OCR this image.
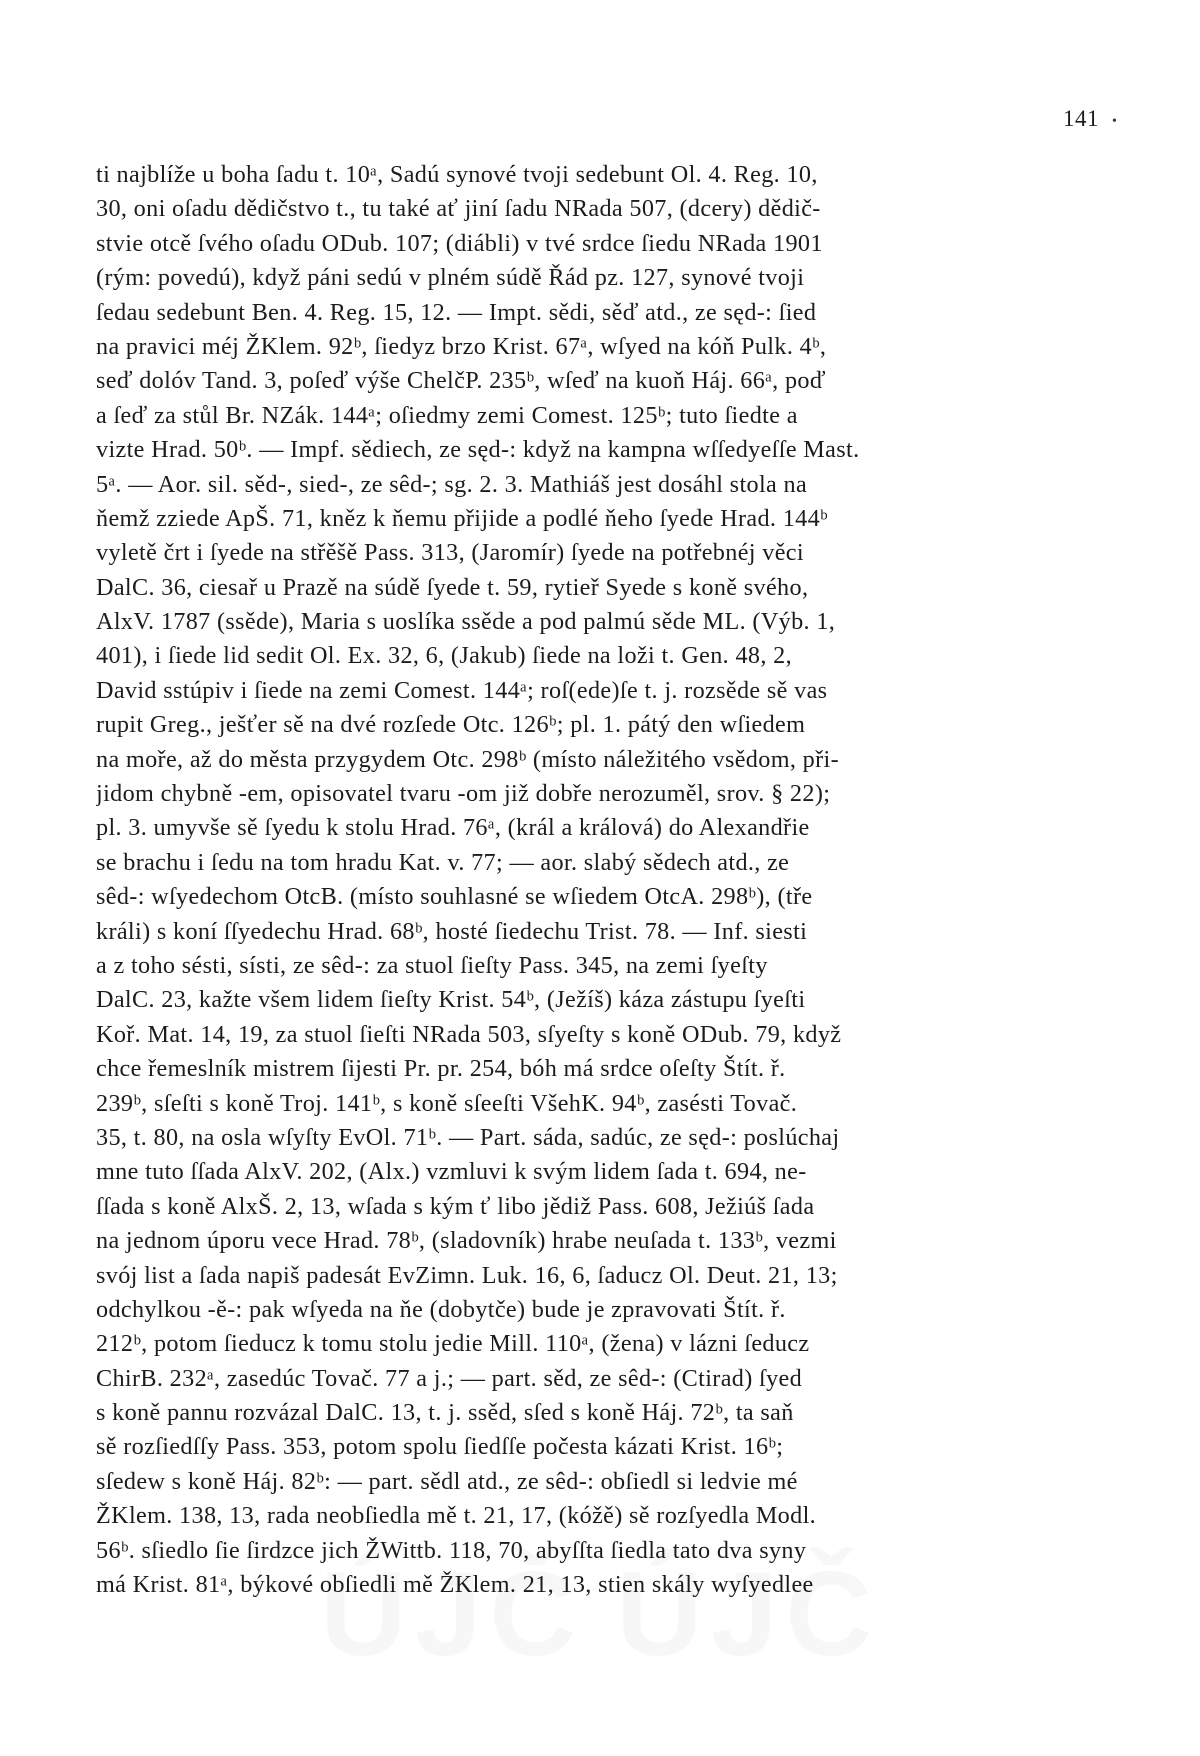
141 •
ti najblíže u boha ſadu t. 10ᵃ, Sadú synové tvoji sedebunt Ol. 4. Reg. 10,
30, oni oſadu dědičstvo t., tu také ať jiní ſadu NRada 507, (dcery) dědič-
stvie otcě ſvého oſadu ODub. 107; (diábli) v tvé srdce ſiedu NRada 1901
(rým: povedú), když páni sedú v plném súdě Řád pz. 127, synové tvoji
ſedau sedebunt Ben. 4. Reg. 15, 12. — Impt. sědi, sěď atd., ze sęd-: ſied
na pravici méj ŽKlem. 92ᵇ, ſiedyz brzo Krist. 67ᵃ, wſyed na kóň Pulk. 4ᵇ,
seď dolóv Tand. 3, poſeď výše ChelčP. 235ᵇ, wſeď na kuoň Háj. 66ᵃ, poď
a ſeď za stůl Br. NZák. 144ᵃ; oſiedmy zemi Comest. 125ᵇ; tuto ſiedte a
vizte Hrad. 50ᵇ. — Impf. sědiech, ze sęd-: když na kampna wſſedyeſſe Mast.
5ᵃ. — Aor. sil. sěd-, sied-, ze sêd-; sg. 2. 3. Mathiáš jest dosáhl stola na
ňemž zziede ApŠ. 71, kněz k ňemu přijide a podlé ňeho ſyede Hrad. 144ᵇ
vyletě črt i ſyede na střěšě Pass. 313, (Jaromír) ſyede na potřebnéj věci
DalC. 36, ciesař u Prazě na súdě ſyede t. 59, rytieř Syede s koně svého,
AlxV. 1787 (ssěde), Maria s uoslíka ssěde a pod palmú sěde ML. (Výb. 1,
401), i ſiede lid sedit Ol. Ex. 32, 6, (Jakub) ſiede na loži t. Gen. 48, 2,
David sstúpiv i ſiede na zemi Comest. 144ᵃ; roſ(ede)ſe t. j. rozsěde sě vas
rupit Greg., ješťer sě na dvé rozſede Otc. 126ᵇ; pl. 1. pátý den wſiedem
na mořе, až do města przygydem Otc. 298ᵇ (místo náležitého vsědom, při-
jidom chybně -em, opisovatel tvaru -om již dobře nerozuměl, srov. § 22);
pl. 3. umyvše sě ſyedu k stolu Hrad. 76ᵃ, (král a králová) do Alexandřie
se brachu i ſedu na tom hradu Kat. v. 77; — aor. slabý sědech atd., ze
sêd-: wſyedechom OtcB. (místo souhlasné se wſiedem OtcA. 298ᵇ), (tře
králi) s koní ſſyedechu Hrad. 68ᵇ, hosté ſiedechu Trist. 78. — Inf. siesti
a z toho sésti, sísti, ze sêd-: za stuol ſieſty Pass. 345, na zemi ſyeſty
DalC. 23, kažte všem lidem ſieſty Krist. 54ᵇ, (Ježíš) káza zástupu ſyeſti
Koř. Mat. 14, 19, za stuol ſieſti NRada 503, sſyeſty s koně ODub. 79, když
chce řemeslník mistrem ſijesti Pr. pr. 254, bóh má srdce oſeſty Štít. ř.
239ᵇ, sſeſti s koně Troj. 141ᵇ, s koně sſeeſti VšehK. 94ᵇ, zasésti Tovač.
35, t. 80, na osla wſyſty EvOl. 71ᵇ. — Part. sáda, sadúc, ze sęd-: poslúchaj
mne tuto ſſada AlxV. 202, (Alx.) vzmluvi k svým lidem ſada t. 694, ne-
ſſada s koně AlxŠ. 2, 13, wſada s kým ť libo jědiž Pass. 608, Ježiúš ſada
na jednom úporu vece Hrad. 78ᵇ, (sladovník) hrabe neuſada t. 133ᵇ, vezmi
svój list a ſada napiš padesát EvZimn. Luk. 16, 6, ſaducz Ol. Deut. 21, 13;
odchylkou -ě-: pak wſyeda na ňe (dobytče) bude je zpravovati Štít. ř.
212ᵇ, potom ſieducz k tomu stolu jedie Mill. 110ᵃ, (žena) v lázni ſeducz
ChirB. 232ᵃ, zasedúc Tovač. 77 a j.; — part. sěd, ze sêd-: (Ctirad) ſyed
s koně pannu rozvázal DalC. 13, t. j. ssěd, sſed s koně Háj. 72ᵇ, ta saň
sě rozſiedſſy Pass. 353, potom spolu ſiedſſe počesta kázati Krist. 16ᵇ;
sſedew s koně Háj. 82ᵇ: — part. sědl atd., ze sêd-: obſiedl si ledvie mé
ŽKlem. 138, 13, rada neobſiedla mě t. 21, 17, (kóžě) sě rozſyedla Modl.
56ᵇ. sſiedlo ſie ſirdzce jich ŽWittb. 118, 70, abyſſta ſiedla tato dva syny
má Krist. 81ᵃ, býkové obſiedli mě ŽKlem. 21, 13, stien skály wyſyedlee
